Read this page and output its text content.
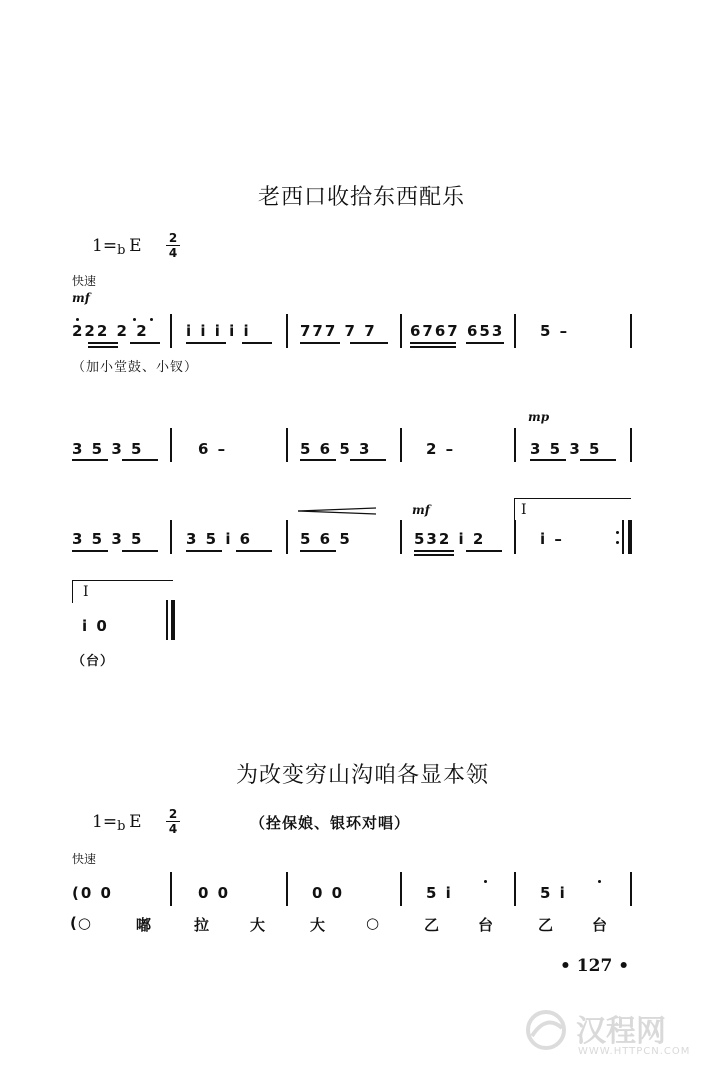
老西口收拾东西配乐
1= b E 2
4
快速
mf
222 2 2 i i i i i	777 7 7 6767 653 5 –
（加小堂鼓、小钗）
mp
3 5 3 5	6 –	5 6 5 3	2 –	3 5 3 5
mf	I
3 5 3 5	3 5 i 6	5 6 5	532 i 2	i –
I
i 0
（台）
为改变穷山沟咱各显本领
1= b E 2
4	（拴保娘、银环对唱）
快速
(0 0	0 0	0 0	5 i	5 i
(○	嘟	拉	大	大	○	乙	台	乙	台
• 127 •
汉程网
WWW.HTTPCN.COM
